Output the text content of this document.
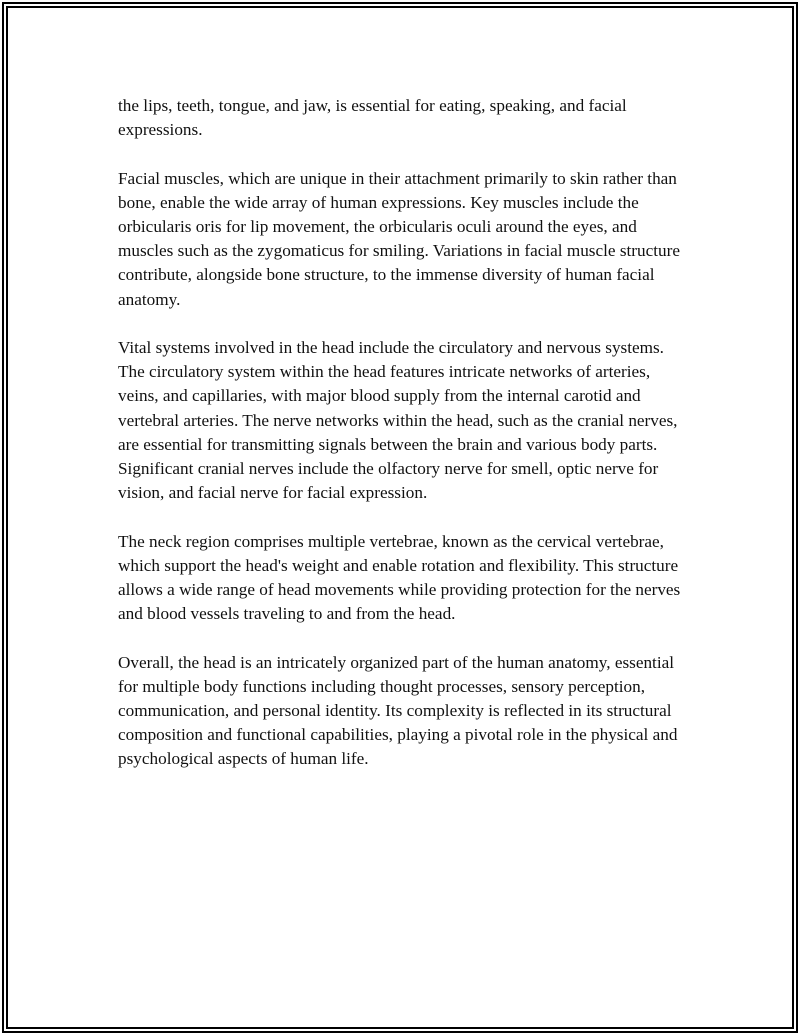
the lips, teeth, tongue, and jaw, is essential for eating, speaking, and facial expressions.

Facial muscles, which are unique in their attachment primarily to skin rather than bone, enable the wide array of human expressions. Key muscles include the orbicularis oris for lip movement, the orbicularis oculi around the eyes, and muscles such as the zygomaticus for smiling. Variations in facial muscle structure contribute, alongside bone structure, to the immense diversity of human facial anatomy.

Vital systems involved in the head include the circulatory and nervous systems. The circulatory system within the head features intricate networks of arteries, veins, and capillaries, with major blood supply from the internal carotid and vertebral arteries. The nerve networks within the head, such as the cranial nerves, are essential for transmitting signals between the brain and various body parts. Significant cranial nerves include the olfactory nerve for smell, optic nerve for vision, and facial nerve for facial expression.

The neck region comprises multiple vertebrae, known as the cervical vertebrae, which support the head's weight and enable rotation and flexibility. This structure allows a wide range of head movements while providing protection for the nerves and blood vessels traveling to and from the head.

Overall, the head is an intricately organized part of the human anatomy, essential for multiple body functions including thought processes, sensory perception, communication, and personal identity. Its complexity is reflected in its structural composition and functional capabilities, playing a pivotal role in the physical and psychological aspects of human life.
